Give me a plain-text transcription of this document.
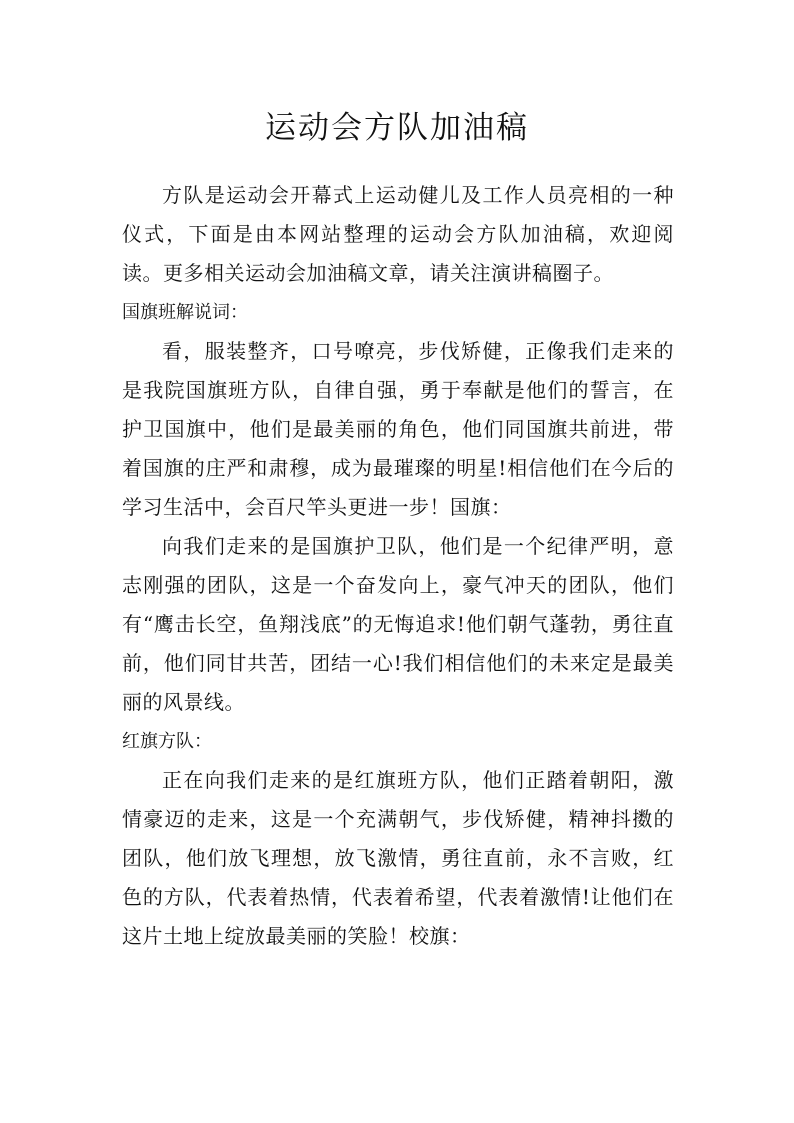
运动会方队加油稿

方队是运动会开幕式上运动健儿及工作人员亮相的一种仪式，下面是由本网站整理的运动会方队加油稿，欢迎阅读。更多相关运动会加油稿文章，请关注演讲稿圈子。

国旗班解说词：

看，服装整齐，口号嘹亮，步伐矫健，正像我们走来的是我院国旗班方队，自律自强，勇于奉献是他们的誓言，在护卫国旗中，他们是最美丽的角色，他们同国旗共前进，带着国旗的庄严和肃穆，成为最璀璨的明星!相信他们在今后的学习生活中，会百尺竿头更进一步！国旗：

向我们走来的是国旗护卫队，他们是一个纪律严明，意志刚强的团队，这是一个奋发向上，豪气冲天的团队，他们有“鹰击长空，鱼翔浅底”的无悔追求!他们朝气蓬勃，勇往直前，他们同甘共苦，团结一心!我们相信他们的未来定是最美丽的风景线。

红旗方队：

正在向我们走来的是红旗班方队，他们正踏着朝阳，激情豪迈的走来，这是一个充满朝气，步伐矫健，精神抖擞的团队，他们放飞理想，放飞激情，勇往直前，永不言败，红色的方队，代表着热情，代表着希望，代表着激情!让他们在这片土地上绽放最美丽的笑脸！校旗：
